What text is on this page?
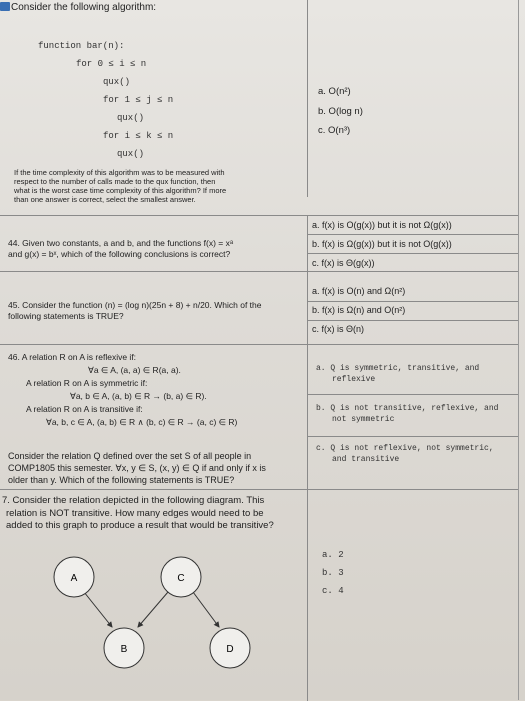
Consider the following algorithm:
function bar(n):
for 0 ≤ i ≤ n
qux()
for 1 ≤ j ≤ n
qux()
for i ≤ k ≤ n
qux()
If the time complexity of this algorithm was to be measured with
a. O(n²)
b. O(log n)
c. O(n³)
respect to the number of calls made to the qux function, then
what is the worst case time complexity of this algorithm? If more
than one answer is correct, select the smallest answer.
44. Given two constants, a and b, and the functions f(x) = xᵃ
and g(x) = bˣ, which of the following conclusions is correct?
a. f(x) is O(g(x)) but it is not Ω(g(x))
b. f(x) is Ω(g(x)) but it is not O(g(x))
c. f(x) is Θ(g(x))
45. Consider the function (n) = (log n)(25n + 8) + n/20. Which of the
following statements is TRUE?
a. f(x) is O(n) and Ω(n²)
b. f(x) is Ω(n) and O(n²)
c. f(x) is Θ(n)
46. A relation R on A is reflexive if:
∀a ∈ A, (a, a) ∈ R(a, a).
A relation R on A is symmetric if:
∀a, b ∈ A, (a, b) ∈ R → (b, a) ∈ R).
A relation R on A is transitive if:
∀a, b, c ∈ A, (a, b) ∈ R ∧ (b, c) ∈ R → (a, c) ∈ R)
Consider the relation Q defined over the set S of all people in
COMP1805 this semester. ∀x, y ∈ S, (x, y) ∈ Q if and only if x is
older than y. Which of the following statements is TRUE?
a. Q is symmetric, transitive, and
reflexive
b. Q is not transitive, reflexive, and
not symmetric
c. Q is not reflexive, not symmetric,
and transitive
7. Consider the relation depicted in the following diagram. This
relation is NOT transitive. How many edges would need to be
added to this graph to produce a result that would be transitive?
A	C
B	D
a. 2
b. 3
c. 4
